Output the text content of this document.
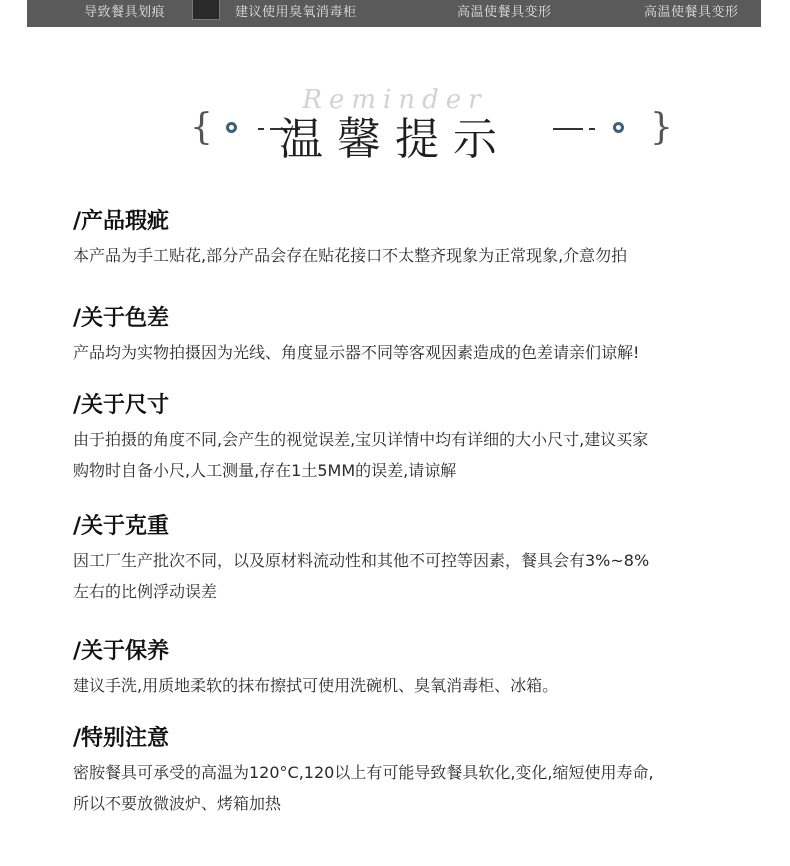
导致餐具划痕	建议使用臭氧消毒柜	高温使餐具变形	高温使餐具变形
Reminder
{	温馨提示	}
/产品瑕疵

本产品为手工贴花,部分产品会存在贴花接口不太整齐现象为正常现象,介意勿拍

/关于色差

产品均为实物拍摄因为光线、角度显示器不同等客观因素造成的色差请亲们谅解!

/关于尺寸

由于拍摄的角度不同,会产生的视觉误差,宝贝详情中均有详细的大小尺寸,建议买家

购物时自备小尺,人工测量,存在1土5MM的误差,请谅解

/关于克重

因工厂生产批次不同，以及原材料流动性和其他不可控等因素，餐具会有3%~8%

左右的比例浮动误差

/关于保养

建议手洗,用质地柔软的抹布擦拭可使用洗碗机、臭氧消毒柜、冰箱。

/特别注意

密胺餐具可承受的高温为120°C,120以上有可能导致餐具软化,变化,缩短使用寿命,

所以不要放微波炉、烤箱加热
